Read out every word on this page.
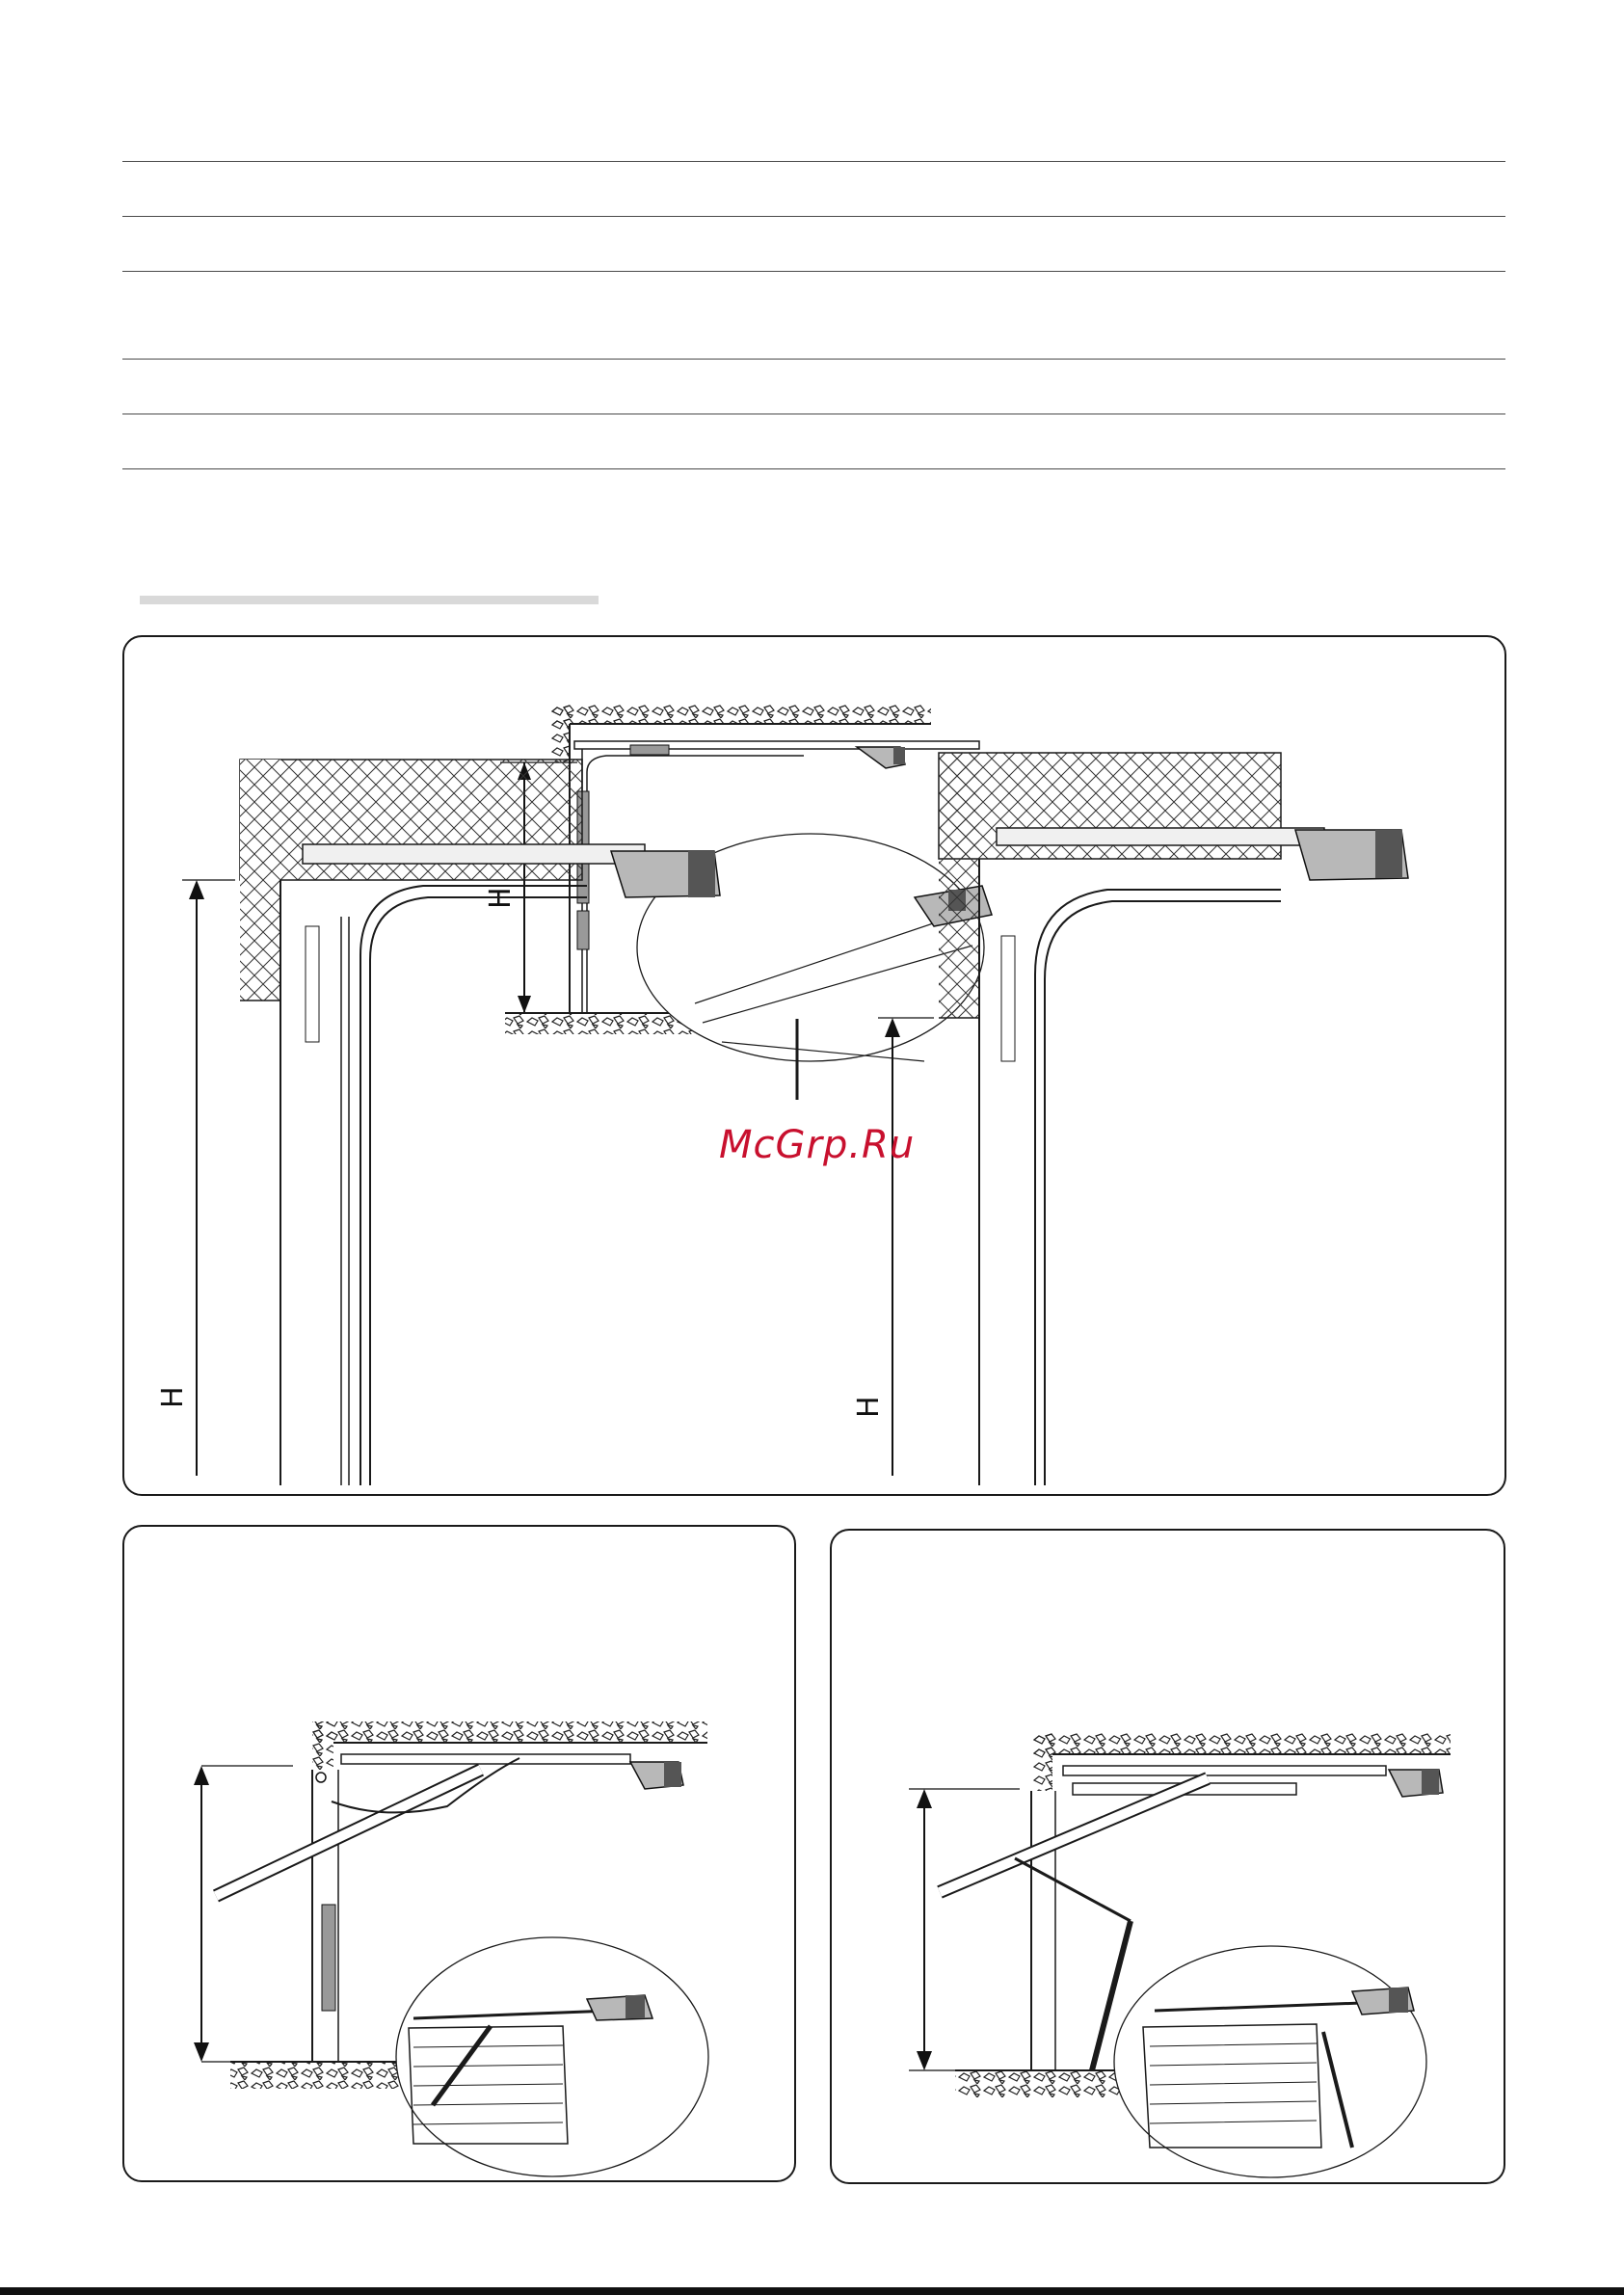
H
H	H
McGrp.Ru
